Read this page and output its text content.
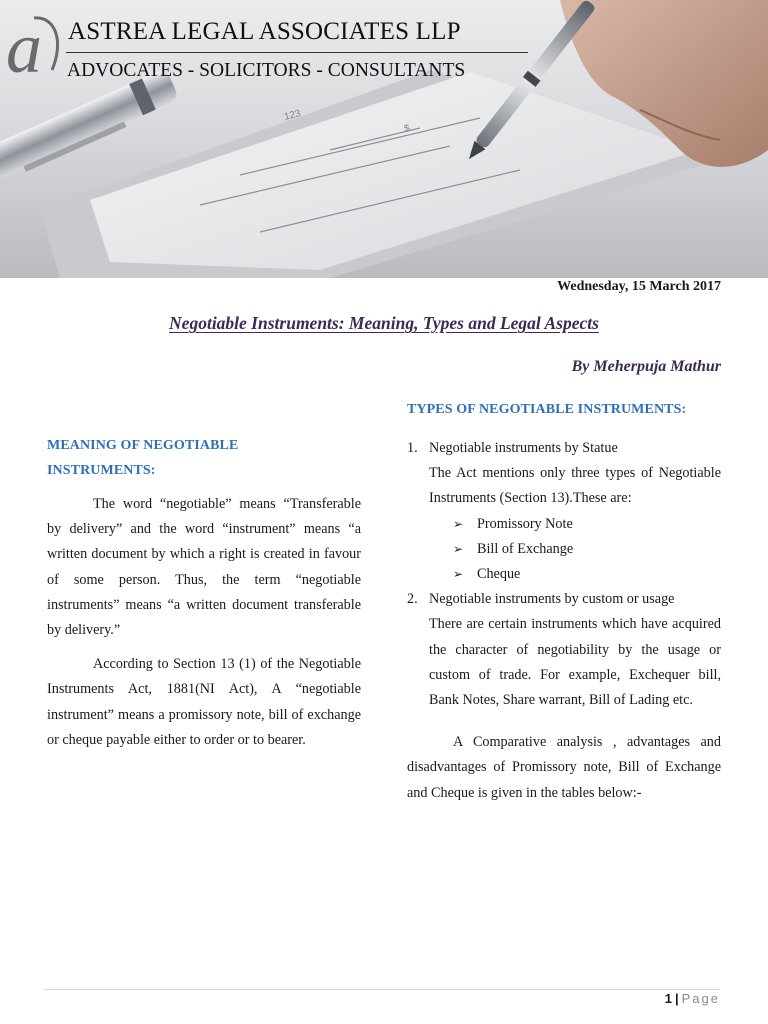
123
$
a ASTREA LEGAL ASSOCIATES LLP
ADVOCATES - SOLICITORS - CONSULTANTS
Wednesday, 15 March 2017
Negotiable Instruments: Meaning, Types and Legal Aspects
By Meherpuja Mathur
MEANING OF NEGOTIABLE
INSTRUMENTS:

The word “negotiable” means “Transferable by delivery” and the word “instrument” means “a written document by which a right is created in favour of some person. Thus, the term “negotiable instruments” means “a written document transferable by delivery.”

According to Section 13 (1) of the Negotiable Instruments Act, 1881(NI Act), A “negotiable instrument” means a promissory note, bill of exchange or cheque payable either to order or to bearer.

TYPES OF NEGOTIABLE INSTRUMENTS:
1. Negotiable instruments by Statue

The Act mentions only three types of Negotiable Instruments (Section 13).These are:

➢ Promissory Note
➢ Bill of Exchange
➢ Cheque
2. Negotiable instruments by custom or usage

There are certain instruments which have acquired the character of negotiability by the usage or custom of trade. For example, Exchequer bill, Bank Notes, Share warrant, Bill of Lading etc.

A Comparative analysis , advantages and disadvantages of Promissory note, Bill of Exchange and Cheque is given in the tables below:-

1 | Page
